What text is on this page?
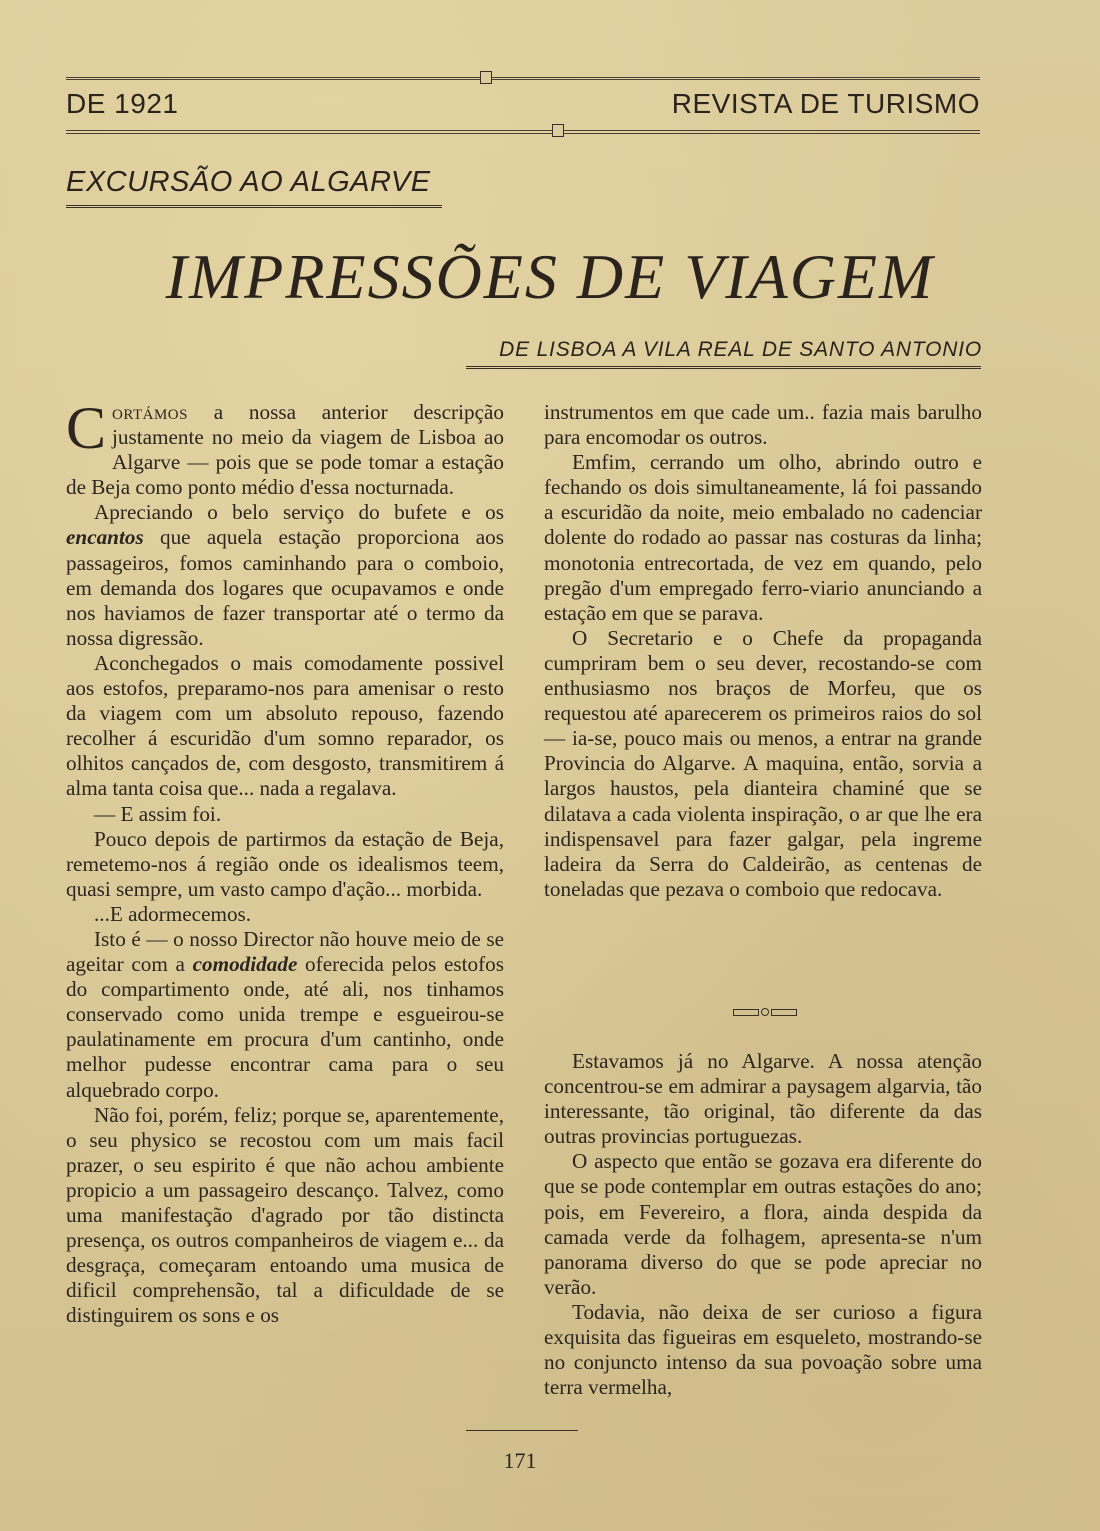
DE 1921	REVISTA DE TURISMO
EXCURSÃO AO ALGARVE
IMPRESSÕES DE VIAGEM
DE LISBOA A VILA REAL DE SANTO ANTONIO

Cortámos a nossa anterior descripção justamente no meio da viagem de Lisboa ao Algarve — pois que se pode tomar a estação de Beja como ponto médio d'essa nocturnada.

Apreciando o belo serviço do bufete e os encantos que aquela estação proporciona aos passageiros, fomos caminhando para o comboio, em demanda dos logares que ocupavamos e onde nos haviamos de fazer transportar até o termo da nossa digressão.

Aconchegados o mais comodamente possivel aos estofos, preparamo-nos para amenisar o resto da viagem com um absoluto repouso, fazendo recolher á escuridão d'um somno reparador, os olhitos cançados de, com desgosto, transmitirem á alma tanta coisa que... nada a regalava.

— E assim foi.

Pouco depois de partirmos da estação de Beja, remetemo-nos á região onde os idealismos teem, quasi sempre, um vasto campo d'ação... morbida.

...E adormecemos.

Isto é — o nosso Director não houve meio de se ageitar com a comodidade oferecida pelos estofos do compartimento onde, até ali, nos tinhamos conservado como unida trempe e esgueirou-se paulatinamente em procura d'um cantinho, onde melhor pudesse encontrar cama para o seu alquebrado corpo.

Não foi, porém, feliz; porque se, aparentemente, o seu physico se recostou com um mais facil prazer, o seu espirito é que não achou ambiente propicio a um passageiro descanço. Talvez, como uma manifestação d'agrado por tão distincta presença, os outros companheiros de viagem e... da desgraça, começaram entoando uma musica de dificil comprehensão, tal a dificuldade de se distinguirem os sons e os

instrumentos em que cade um.. fazia mais barulho para encomodar os outros.

Emfim, cerrando um olho, abrindo outro e fechando os dois simultaneamente, lá foi passando a escuridão da noite, meio embalado no cadenciar dolente do rodado ao passar nas costuras da linha; monotonia entrecortada, de vez em quando, pelo pregão d'um empregado ferro-viario anunciando a estação em que se parava.

O Secretario e o Chefe da propaganda cumpriram bem o seu dever, recostando-se com enthusiasmo nos braços de Morfeu, que os requestou até aparecerem os primeiros raios do sol — ia-se, pouco mais ou menos, a entrar na grande Provincia do Algarve. A maquina, então, sorvia a largos haustos, pela dianteira chaminé que se dilatava a cada violenta inspiração, o ar que lhe era indispensavel para fazer galgar, pela ingreme ladeira da Serra do Caldeirão, as centenas de toneladas que pezava o comboio que redocava.

Estavamos já no Algarve. A nossa atenção concentrou-se em admirar a paysagem algarvia, tão interessante, tão original, tão diferente da das outras provincias portuguezas.

O aspecto que então se gozava era diferente do que se pode contemplar em outras estações do ano; pois, em Fevereiro, a flora, ainda despida da camada verde da folhagem, apresenta-se n'um panorama diverso do que se pode apreciar no verão.

Todavia, não deixa de ser curioso a figura exquisita das figueiras em esqueleto, mostrando-se no conjuncto intenso da sua povoação sobre uma terra vermelha,

171
